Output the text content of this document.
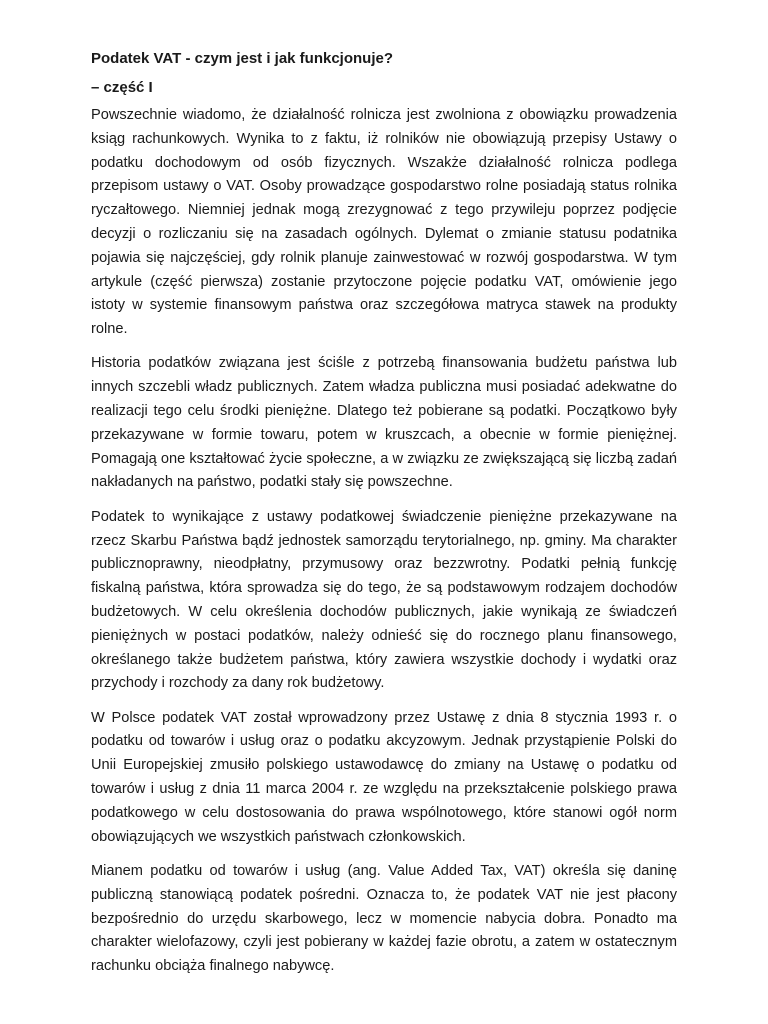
Podatek VAT - czym jest i jak funkcjonuje?
– część I

Powszechnie wiadomo, że działalność rolnicza jest zwolniona z obowiązku prowadzenia ksiąg rachunkowych. Wynika to z faktu, iż rolników nie obowiązują przepisy Ustawy o podatku dochodowym od osób fizycznych. Wszakże działalność rolnicza podlega przepisom ustawy o VAT. Osoby prowadzące gospodarstwo rolne posiadają status rolnika ryczałtowego. Niemniej jednak mogą zrezygnować z tego przywileju poprzez podjęcie decyzji o rozliczaniu się na zasadach ogólnych. Dylemat o zmianie statusu podatnika pojawia się najczęściej, gdy rolnik planuje zainwestować w rozwój gospodarstwa. W tym artykule (część pierwsza) zostanie przytoczone pojęcie podatku VAT, omówienie jego istoty w systemie finansowym państwa oraz szczegółowa matryca stawek na produkty rolne.

Historia podatków związana jest ściśle z potrzebą finansowania budżetu państwa lub innych szczebli władz publicznych. Zatem władza publiczna musi posiadać adekwatne do realizacji tego celu środki pieniężne. Dlatego też pobierane są podatki. Początkowo były przekazywane w formie towaru, potem w kruszcach, a obecnie w formie pieniężnej. Pomagają one kształtować życie społeczne, a w związku ze zwiększającą się liczbą zadań nakładanych na państwo, podatki stały się powszechne.

Podatek to wynikające z ustawy podatkowej świadczenie pieniężne przekazywane na rzecz Skarbu Państwa bądź jednostek samorządu terytorialnego, np. gminy. Ma charakter publicznoprawny, nieodpłatny, przymusowy oraz bezzwrotny. Podatki pełnią funkcję fiskalną państwa, która sprowadza się do tego, że są podstawowym rodzajem dochodów budżetowych. W celu określenia dochodów publicznych, jakie wynikają ze świadczeń pieniężnych w postaci podatków, należy odnieść się do rocznego planu finansowego, określanego także budżetem państwa, który zawiera wszystkie dochody i wydatki oraz przychody i rozchody za dany rok budżetowy.

W Polsce podatek VAT został wprowadzony przez Ustawę z dnia 8 stycznia 1993 r. o podatku od towarów i usług oraz o podatku akcyzowym. Jednak przystąpienie Polski do Unii Europejskiej zmusiło polskiego ustawodawcę do zmiany na Ustawę o podatku od towarów i usług z dnia 11 marca 2004 r. ze względu na przekształcenie polskiego prawa podatkowego w celu dostosowania do prawa wspólnotowego, które stanowi ogół norm obowiązujących we wszystkich państwach członkowskich.

Mianem podatku od towarów i usług (ang. Value Added Tax, VAT) określa się daninę publiczną stanowiącą podatek pośredni. Oznacza to, że podatek VAT nie jest płacony bezpośrednio do urzędu skarbowego, lecz w momencie nabycia dobra. Ponadto ma charakter wielofazowy, czyli jest pobierany w każdej fazie obrotu, a zatem w ostatecznym rachunku obciąża finalnego nabywcę.
